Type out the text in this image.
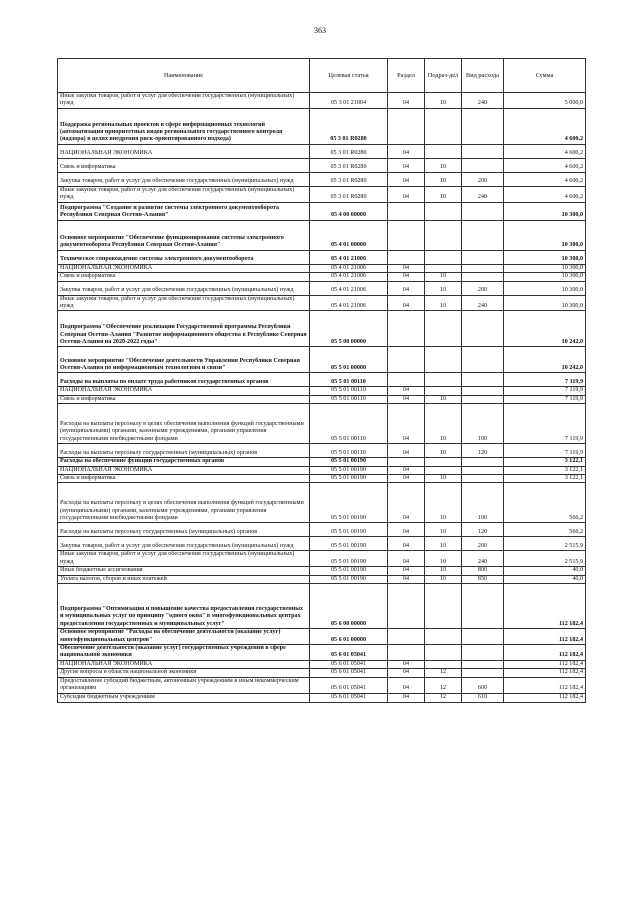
363
Наименование	Целевая статья	Раздел	Подраз-дел	Вид расхода	Сумма
Иные закупки товаров, работ и услуг для обеспечения государственных (муниципальных) нужд	05 3 01 21004	04	10	240	5 000,0
Поддержка региональных проектов в сфере информационных технологий (автоматизация приоритетных видов регионального государственного контроля (надзора) в целях внедрения риск-ориентированного подхода)	05 3 01 R0280				4 600,2
НАЦИОНАЛЬНАЯ ЭКОНОМИКА	05 3 01 R0280	04			4 600,2
Связь и информатика	05 3 01 R0280	04	10		4 600,2
Закупка товаров, работ и услуг для обеспечения государственных (муниципальных) нужд	05 3 01 R0280	04	10	200	4 600,2
Иные закупки товаров, работ и услуг для обеспечения государственных (муниципальных) нужд	05 3 01 R0280	04	10	240	4 600,2
Подпрограмма "Создание и развитие системы электронного документооборота Республики Северная Осетия-Алания"	05 4 00 00000				10 300,0
Основное мероприятие "Обеспечение функционирования системы электронного документооборота Республики Северная Осетия-Алания"	05 4 01 00000				10 300,0
Техническое сопровождение системы электронного документооборота	05 4 01 21006				10 300,0
НАЦИОНАЛЬНАЯ ЭКОНОМИКА	05 4 01 21006	04			10 300,0
Связь и информатика	05 4 01 21006	04	10		10 300,0
Закупка товаров, работ и услуг для обеспечения государственных (муниципальных) нужд	05 4 01 21006	04	10	200	10 300,0
Иные закупки товаров, работ и услуг для обеспечения государственных (муниципальных) нужд	05 4 01 21006	04	10	240	10 300,0
Подпрограмма "Обеспечение реализации Государственной программы Республики Северная Осетия-Алания "Развитие информационного общества в Республике Северная Осетия-Алания на 2020-2022 годы"	05 5 00 00000				10 242,0
Основное мероприятие "Обеспечение деятельности Управления Республики Северная Осетия-Алания по информационным технологиям и связи"	05 5 01 00000				10 242,0
Расходы на выплаты по оплате труда работников государственных органов	05 5 01 00110				7 119,9
НАЦИОНАЛЬНАЯ ЭКОНОМИКА	05 5 01 00110	04			7 119,9
Связь и информатика	05 5 01 00110	04	10		7 119,9
Расходы на выплаты персоналу в целях обеспечения выполнения функций государственными (муниципальными) органами, казенными учреждениями, органами управления государственными внебюджетными фондами	05 5 01 00110	04	10	100	7 119,9
Расходы на выплаты персоналу государственных (муниципальных) органов	05 5 01 00110	04	10	120	7 119,9
Расходы на обеспечение функций государственных органов	05 5 01 00190				3 122,1
НАЦИОНАЛЬНАЯ ЭКОНОМИКА	05 5 01 00190	04			3 122,1
Связь и информатика	05 5 01 00190	04	10		3 122,1
Расходы на выплаты персоналу в целях обеспечения выполнения функций государственными (муниципальными) органами, казенными учреждениями, органами управления государственными внебюджетными фондами	05 5 01 00190	04	10	100	566,2
Расходы на выплаты персоналу государственных (муниципальных) органов	05 5 01 00190	04	10	120	566,2
Закупка товаров, работ и услуг для обеспечения государственных (муниципальных) нужд	05 5 01 00190	04	10	200	2 515,9
Иные закупки товаров, работ и услуг для обеспечения государственных (муниципальных) нужд	05 5 01 00190	04	10	240	2 515,9
Иные бюджетные ассигнования	05 5 01 00190	04	10	800	40,0
Уплата налогов, сборов и иных платежей	05 5 01 00190	04	10	850	40,0
Подпрограмма "Оптимизация и повышение качества предоставления государственных и муниципальных услуг по принципу "одного окна" в многофункциональных центрах предоставления государственных и муниципальных услуг"	05 6 00 00000				112 182,4
Основное мероприятие "Расходы на обеспечение деятельности (оказание услуг) многофункциональных центров"	05 6 01 00000				112 182,4
Обеспечение деятельности (оказание услуг) государственных учреждений в сфере национальной экономики	05 6 01 05041				112 182,4
НАЦИОНАЛЬНАЯ ЭКОНОМИКА	05 6 01 05041	04			112 182,4
Другие вопросы в области национальной экономики	05 6 01 05041	04	12		112 182,4
Предоставление субсидий бюджетным, автономным учреждениям и иным некоммерческим организациям	05 6 01 05041	04	12	600	112 182,4
Субсидии бюджетным учреждениям	05 6 01 05041	04	12	610	112 182,4
